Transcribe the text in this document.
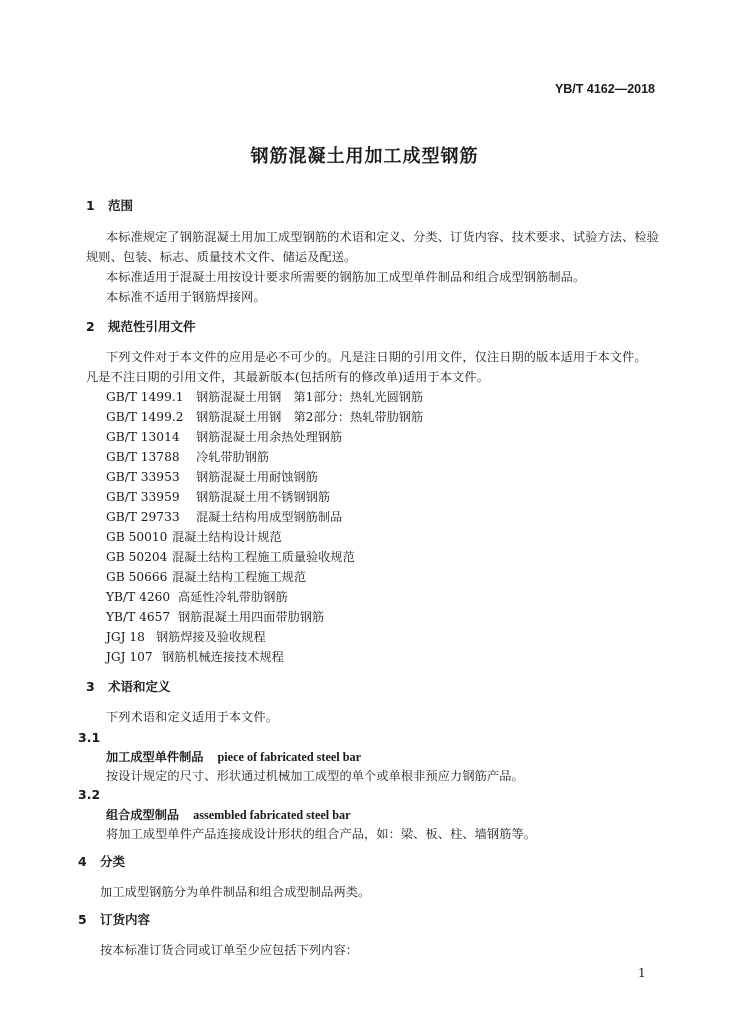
YB/T 4162—2018
钢筋混凝土用加工成型钢筋
1 范围
本标准规定了钢筋混凝土用加工成型钢筋的术语和定义、分类、订货内容、技术要求、试验方法、检验
规则、包装、标志、质量技术文件、储运及配送。
本标准适用于混凝土用按设计要求所需要的钢筋加工成型单件制品和组合成型钢筋制品。
本标准不适用于钢筋焊接网。
2 规范性引用文件
下列文件对于本文件的应用是必不可少的。凡是注日期的引用文件，仅注日期的版本适用于本文件。
凡是不注日期的引用文件，其最新版本(包括所有的修改单)适用于本文件。
GB/T 1499.1 钢筋混凝土用钢　第1部分：热轧光圆钢筋
GB/T 1499.2 钢筋混凝土用钢　第2部分：热轧带肋钢筋
GB/T 13014 钢筋混凝土用余热处理钢筋
GB/T 13788 冷轧带肋钢筋
GB/T 33953 钢筋混凝土用耐蚀钢筋
GB/T 33959 钢筋混凝土用不锈钢钢筋
GB/T 29733 混凝土结构用成型钢筋制品
GB 50010 混凝土结构设计规范
GB 50204 混凝土结构工程施工质量验收规范
GB 50666 混凝土结构工程施工规范
YB/T 4260 高延性冷轧带肋钢筋
YB/T 4657 钢筋混凝土用四面带肋钢筋
JGJ 18 钢筋焊接及验收规程
JGJ 107 钢筋机械连接技术规程
3 术语和定义
下列术语和定义适用于本文件。
3.1
加工成型单件制品 piece of fabricated steel bar
按设计规定的尺寸、形状通过机械加工成型的单个或单根非预应力钢筋产品。
3.2
组合成型制品 assembled fabricated steel bar
将加工成型单件产品连接成设计形状的组合产品，如：梁、板、柱、墙钢筋等。
4 分类
加工成型钢筋分为单件制品和组合成型制品两类。
5 订货内容
按本标准订货合同或订单至少应包括下列内容：
1
